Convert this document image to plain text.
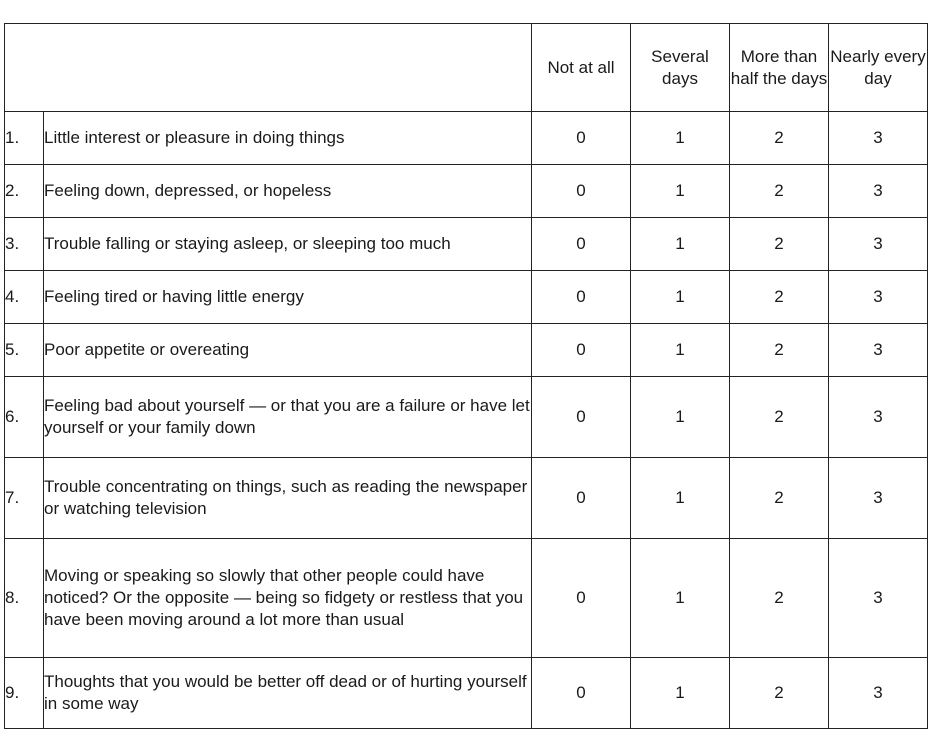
		Not at all	Several days	More than half the days	Nearly every day
1.	Little interest or pleasure in doing things	0	1	2	3
2.	Feeling down, depressed, or hopeless	0	1	2	3
3.	Trouble falling or staying asleep, or sleeping too much	0	1	2	3
4.	Feeling tired or having little energy	0	1	2	3
5.	Poor appetite or overeating	0	1	2	3
6.	Feeling bad about yourself — or that you are a failure or have let yourself or your family down	0	1	2	3
7.	Trouble concentrating on things, such as reading the newspaper or watching television	0	1	2	3
8.	Moving or speaking so slowly that other people could have noticed? Or the opposite — being so fidgety or restless that you have been moving around a lot more than usual	0	1	2	3
9.	Thoughts that you would be better off dead or of hurting yourself in some way	0	1	2	3
